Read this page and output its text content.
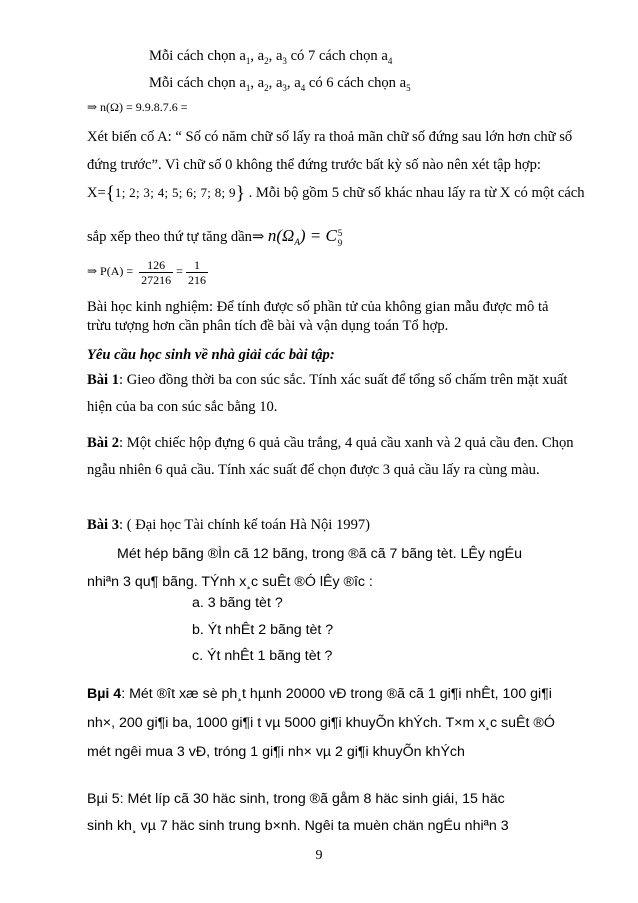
Mỗi cách chọn $a_1$, $a_2$, $a_3$ có 7 cách chọn $a_4$
Mỗi cách chọn $a_1$, $a_2$, $a_3$, $a_4$ có 6 cách chọn $a_5$
⇒ n(Ω) = 9.9.8.7.6 =
Xét biến cố A: “ Số có năm chữ số lấy ra thoả mãn chữ số đứng sau lớn hơn chữ số
đứng trước”. Vì chữ số 0 không thể đứng trước bất kỳ số nào nên xét tập hợp:
X={1; 2; 3; 4; 5; 6; 7; 8; 9} . Mỗi bộ gồm 5 chữ số khác nhau lấy ra từ X có một cách
sắp xếp theo thứ tự tăng dần⇒ $n(\Omega_A) = C$ 5
9
⇒ $P(A) = \frac{126}{27216} = \frac{1}{216}$
Bài học kinh nghiệm: Để tính được số phần tử của không gian mẫu được mô tả
trừu tượng hơn cần phân tích đề bài và vận dụng toán Tổ hợp.
Yêu cầu học sinh về nhà giải các bài tập:
Bài 1: Gieo đồng thời ba con súc sắc. Tính xác suất để tổng số chấm trên mặt xuất
hiện của ba con súc sắc bằng 10.
Bài 2: Một chiếc hộp đựng 6 quả cầu trắng, 4 quả cầu xanh và 2 quả cầu đen. Chọn
ngẫu nhiên 6 quả cầu. Tính xác suất để chọn được 3 quả cầu lấy ra cùng màu.
Bài 3: ( Đại học Tài chính kế toán Hà Nội 1997)
Mét hép bãng ®Ìn cã 12 bãng, trong ®ã cã 7 bãng tèt. LÊy ngÉu
nhiªn 3 qu¶ bãng. TÝnh x¸c suÊt ®Ó lÊy ®îc :
a. 3 bãng tèt ?
b. Ýt nhÊt 2 bãng tèt ?
c. Ýt nhÊt 1 bãng tèt ?
Bµi 4: Mét ®ît xæ sè ph¸t hµnh 20000 vÐ trong ®ã cã 1 gi¶i nhÊt, 100 gi¶i
nh×, 200 gi¶i ba, 1000 gi¶i t vµ 5000 gi¶i khuyÕn khÝch. T×m x¸c suÊt ®Ó
mét ngêi mua 3 vÐ, tróng 1 gi¶i nh× vµ 2 gi¶i khuyÕn khÝch
Bµi 5: Mét líp cã 30 häc sinh, trong ®ã gåm 8 häc sinh giái, 15 häc
sinh kh¸ vµ 7 häc sinh trung b×nh. Ngêi ta muèn chän ngÉu nhiªn 3
9
